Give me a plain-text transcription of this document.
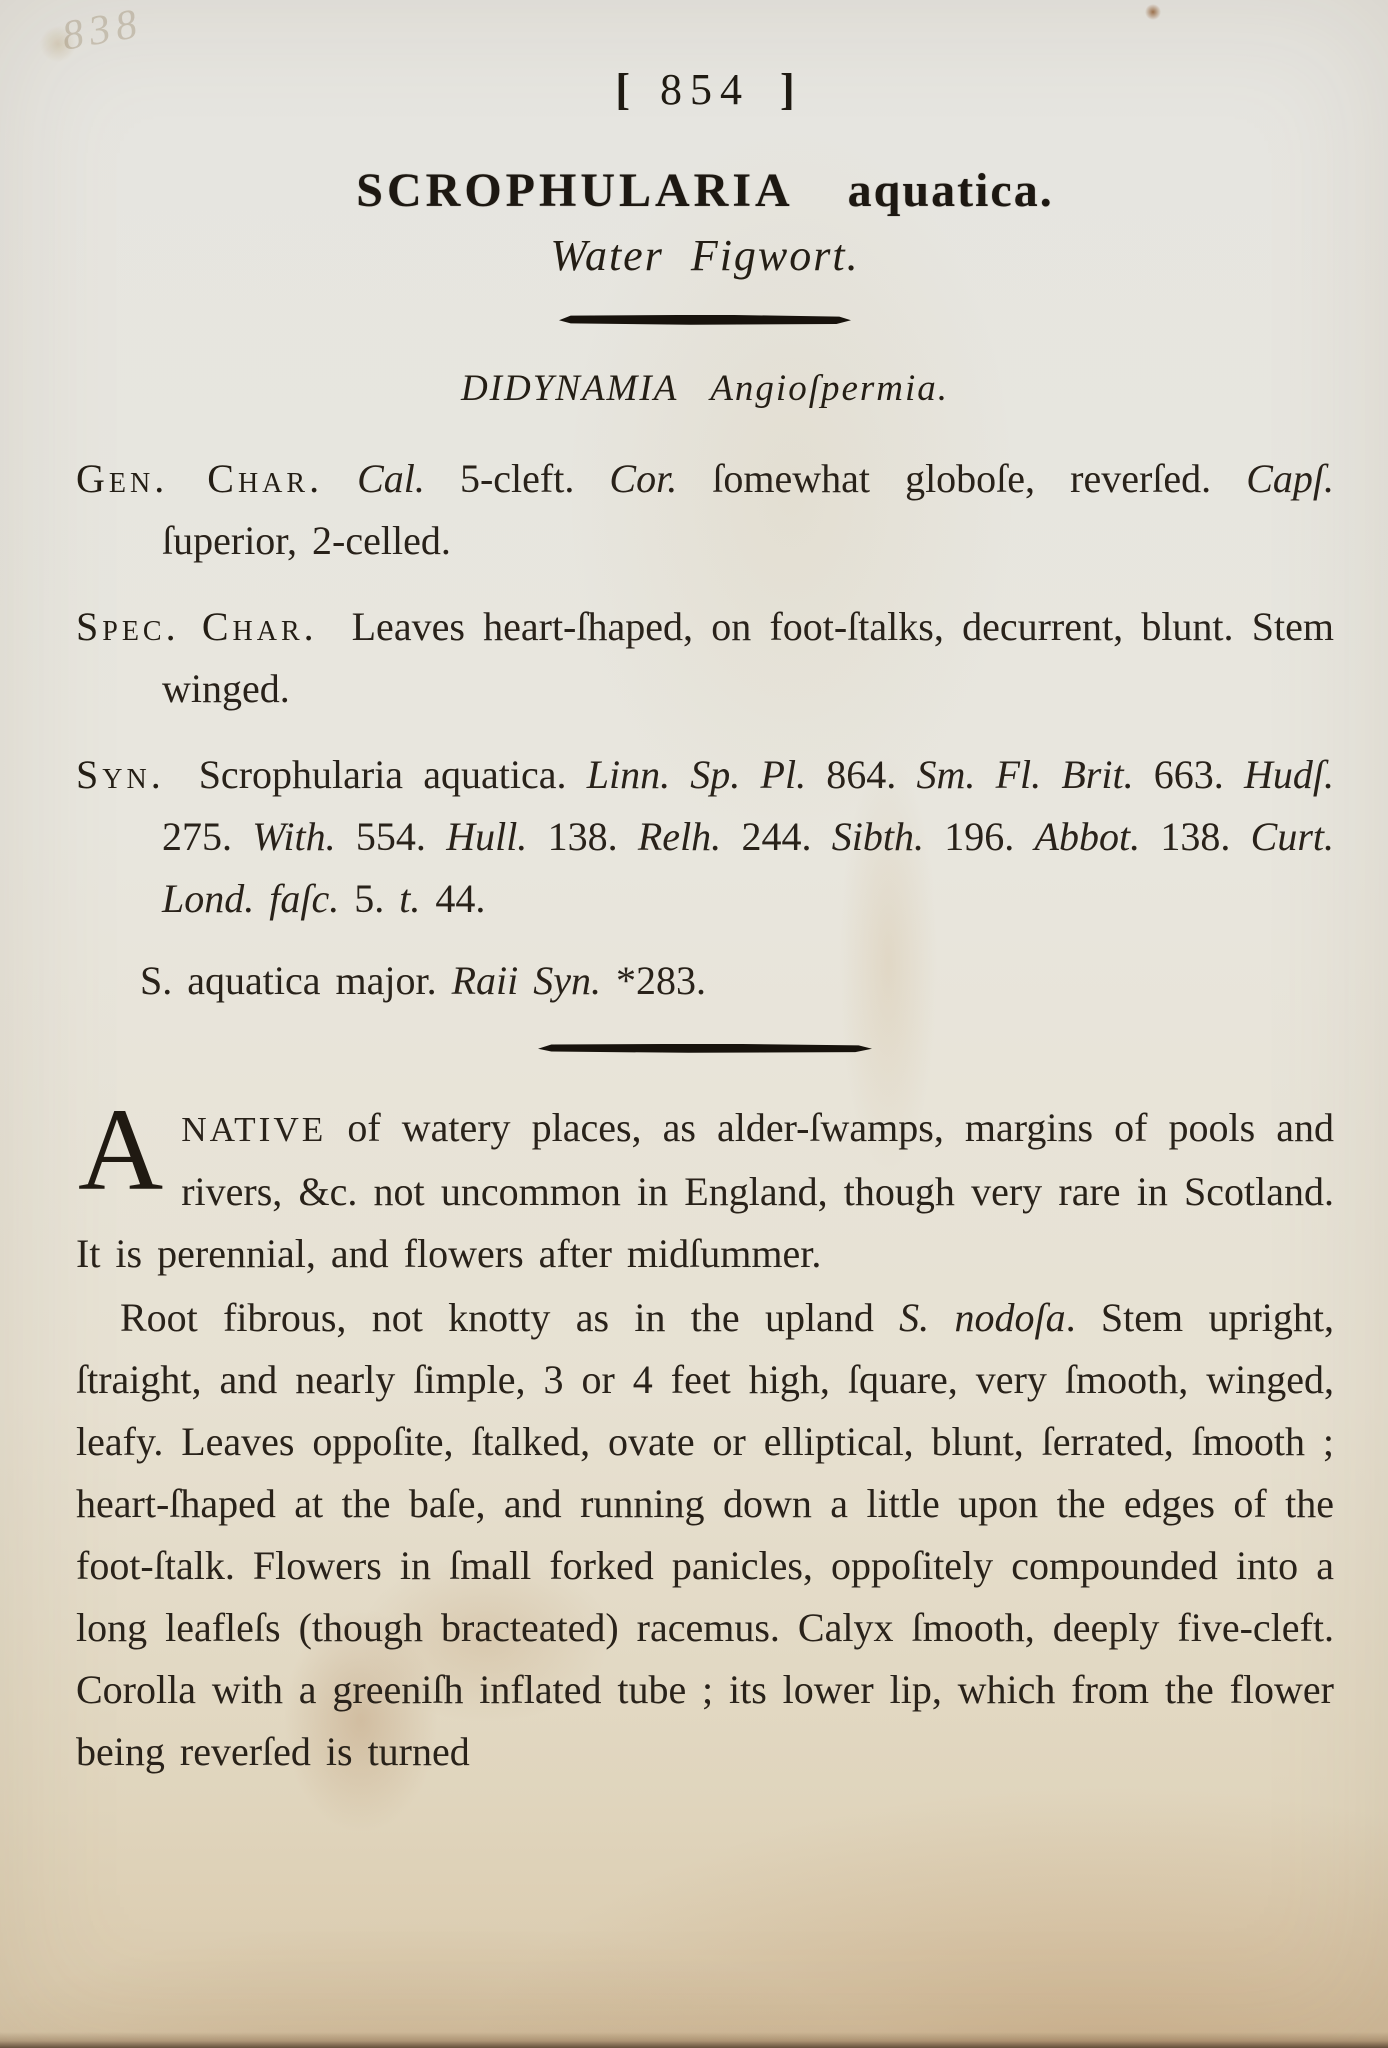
838
[ 854 ]
SCROPHULARIA aquatica.
Water Figwort.
DIDYNAMIA Angioſpermia.

Gen. Char. Cal. 5-cleft. Cor. ſomewhat globoſe, reverſed. Capſ. ſuperior, 2-celled.

Spec. Char. Leaves heart-ſhaped, on foot-ſtalks, decurrent, blunt. Stem winged.

Syn. Scrophularia aquatica. Linn. Sp. Pl. 864. Sm. Fl. Brit. 663. Hudſ. 275. With. 554. Hull. 138. Relh. 244. Sibth. 196. Abbot. 138. Curt. Lond. faſc. 5. t. 44.

S. aquatica major. Raii Syn. *283.

ANATIVE of watery places, as alder-ſwamps, margins of pools and rivers, &c. not uncommon in England, though very rare in Scotland. It is perennial, and flowers after midſummer.

Root fibrous, not knotty as in the upland S. nodoſa. Stem upright, ſtraight, and nearly ſimple, 3 or 4 feet high, ſquare, very ſmooth, winged, leafy. Leaves oppoſite, ſtalked, ovate or elliptical, blunt, ſerrated, ſmooth ; heart-ſhaped at the baſe, and running down a little upon the edges of the foot-ſtalk. Flowers in ſmall forked panicles, oppoſitely compounded into a long leafleſs (though bracteated) racemus. Calyx ſmooth, deeply five-cleft. Corolla with a greeniſh inflated tube ; its lower lip, which from the flower being reverſed is turned
